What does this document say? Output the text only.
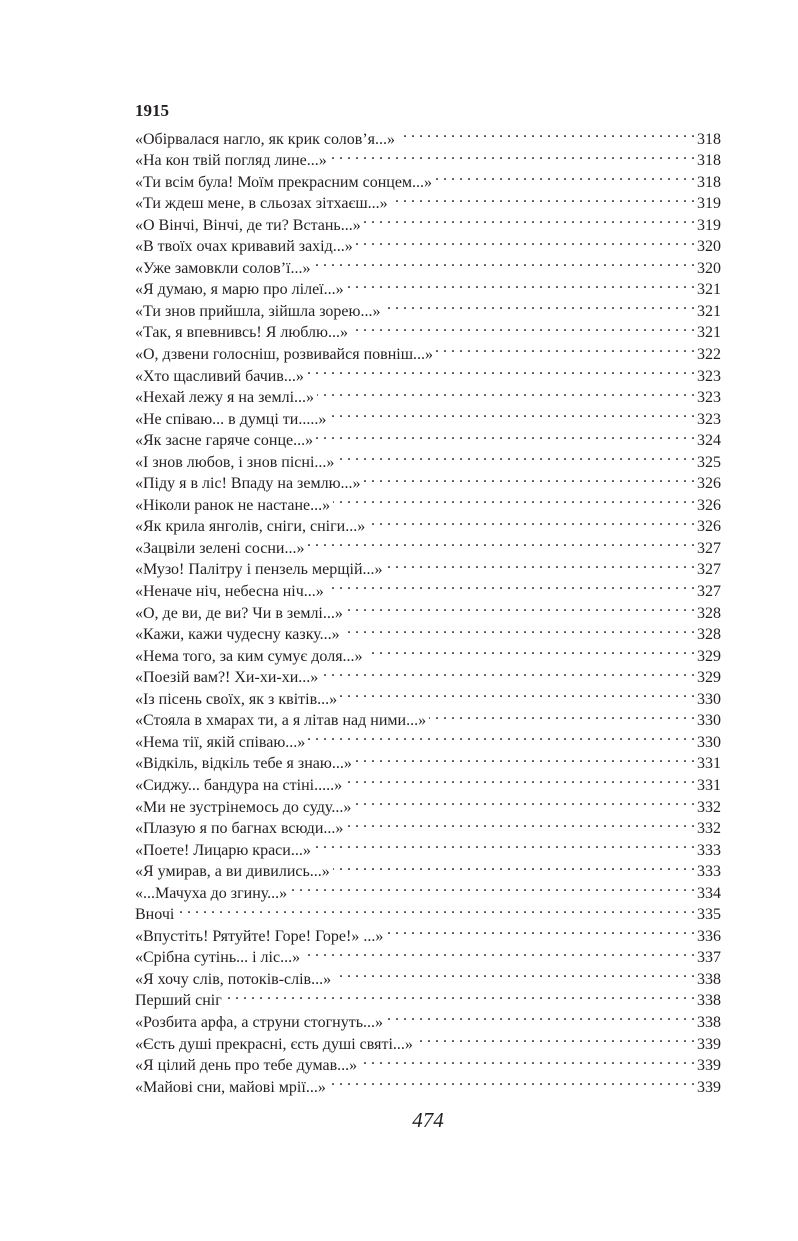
1915
«Обірвалася нагло, як крик солов’я...» . . .	318
«На кон твій погляд лине...» . . .	318
«Ти всім була! Моїм прекрасним сонцем...» . . .	318
«Ти ждеш мене, в сльозах зітхаєш...» . . .	319
«О Вінчі, Вінчі, де ти? Встань...» . . .	319
«В твоїх очах кривавий захід...» . . .	320
«Уже замовкли солов’ї...» . . .	320
«Я думаю, я марю про лілеї...» . . .	321
«Ти знов прийшла, зійшла зорею...» . . .	321
«Так, я впевнивсь! Я люблю...» . . .	321
«О, дзвени голосніш, розвивайся повніш...» . . .	322
«Хто щасливий бачив...» . . .	323
«Нехай лежу я на землі...» . . .	323
«Не співаю... в думці ти.....» . . .	323
«Як засне гаряче сонце...» . . .	324
«І знов любов, і знов пісні...» . . .	325
«Піду я в ліс! Впаду на землю...» . . .	326
«Ніколи ранок не настане...» . . .	326
«Як крила янголів, сніги, сніги...» . . .	326
«Зацвіли зелені сосни...» . . .	327
«Музо! Палітру і пензель мерщій...» . . .	327
«Неначе ніч, небесна ніч...» . . .	327
«О, де ви, де ви? Чи в землі...» . . .	328
«Кажи, кажи чудесну казку...» . . .	328
«Нема того, за ким сумує доля...» . . .	329
«Поезій вам?! Хи-хи-хи...» . . .	329
«Із пісень своїх, як з квітів...» . . .	330
«Стояла в хмарах ти, а я літав над ними...» . . .	330
«Нема тії, якій співаю...» . . .	330
«Відкіль, відкіль тебе я знаю...» . . .	331
«Сиджу... бандура на стіні.....» . . .	331
«Ми не зустрінемось до суду...» . . .	332
«Плазую я по багнах всюди...» . . .	332
«Поете! Лицарю краси...» . . .	333
«Я умирав, а ви дивились...» . . .	333
«...Мачуха до згину...» . . .	334
Вночі . . .	335
«Впустіть! Рятуйте! Горе! Горе!» ...» . . .	336
«Срібна сутінь... і ліс...» . . .	337
«Я хочу слів, потоків-слів...» . . .	338
Перший сніг . . .	338
«Розбита арфа, а струни стогнуть...» . . .	338
«Єсть душі прекрасні, єсть душі святі...» . . .	339
«Я цілий день про тебе думав...» . . .	339
«Майові сни, майові мрії...» . . .	339
474
